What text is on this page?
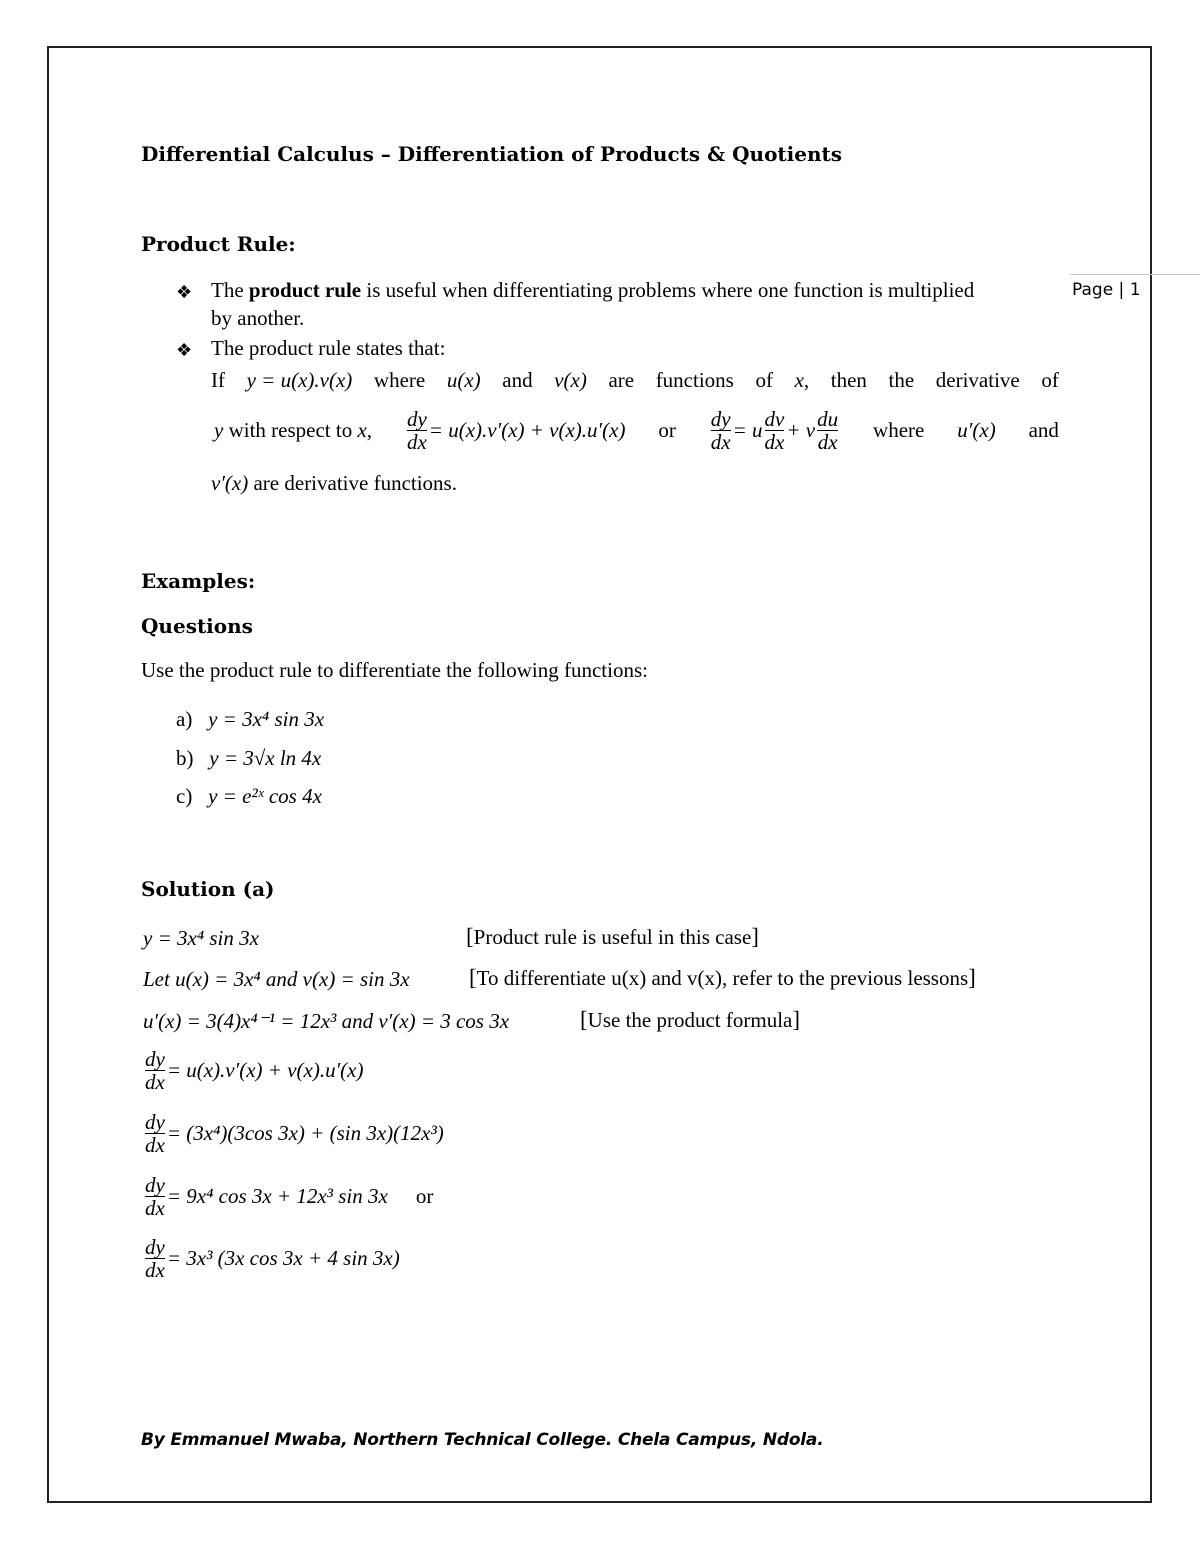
Differential Calculus – Differentiation of Products & Quotients
Page | 1
Product Rule:
❖ The product rule is useful when differentiating problems where one function is multiplied
by another.
❖ The product rule states that:
If y = u(x).v(x) where u(x) and v(x) are functions of x, then the derivative of
y with respect to x, $\frac{dy}{dx} = u(x).v'(x) + v(x).u'(x)$ or $\frac{dy}{dx} = u \frac{dv}{dx} + v \frac{du}{dx}$ where u′(x) and
v′(x) are derivative functions.
Examples:
Questions
Use the product rule to differentiate the following functions:
a) y = 3x⁴ sin 3x
b) y = 3√x ln 4x
c) y = e²ˣ cos 4x
Solution (a)
y = 3x⁴ sin 3x	[Product rule is useful in this case]
Let u(x) = 3x⁴ and v(x) = sin 3x	[To differentiate u(x) and v(x), refer to the previous lessons]
u′(x) = 3(4)x⁴⁻¹ = 12x³ and v′(x) = 3 cos 3x	[Use the product formula]
$\frac{dy}{dx} = u(x).v'(x) + v(x).u'(x)$
$\frac{dy}{dx} = (3x^4)(3\cos$ 3x) + (sin 3x)(12x³)
$\frac{dy}{dx} = 9x^4$ cos 3x + 12x³ sin 3x or
$\frac{dy}{dx} = 3x^3$ (3x cos 3x + 4 sin 3x)
By Emmanuel Mwaba, Northern Technical College. Chela Campus, Ndola.
